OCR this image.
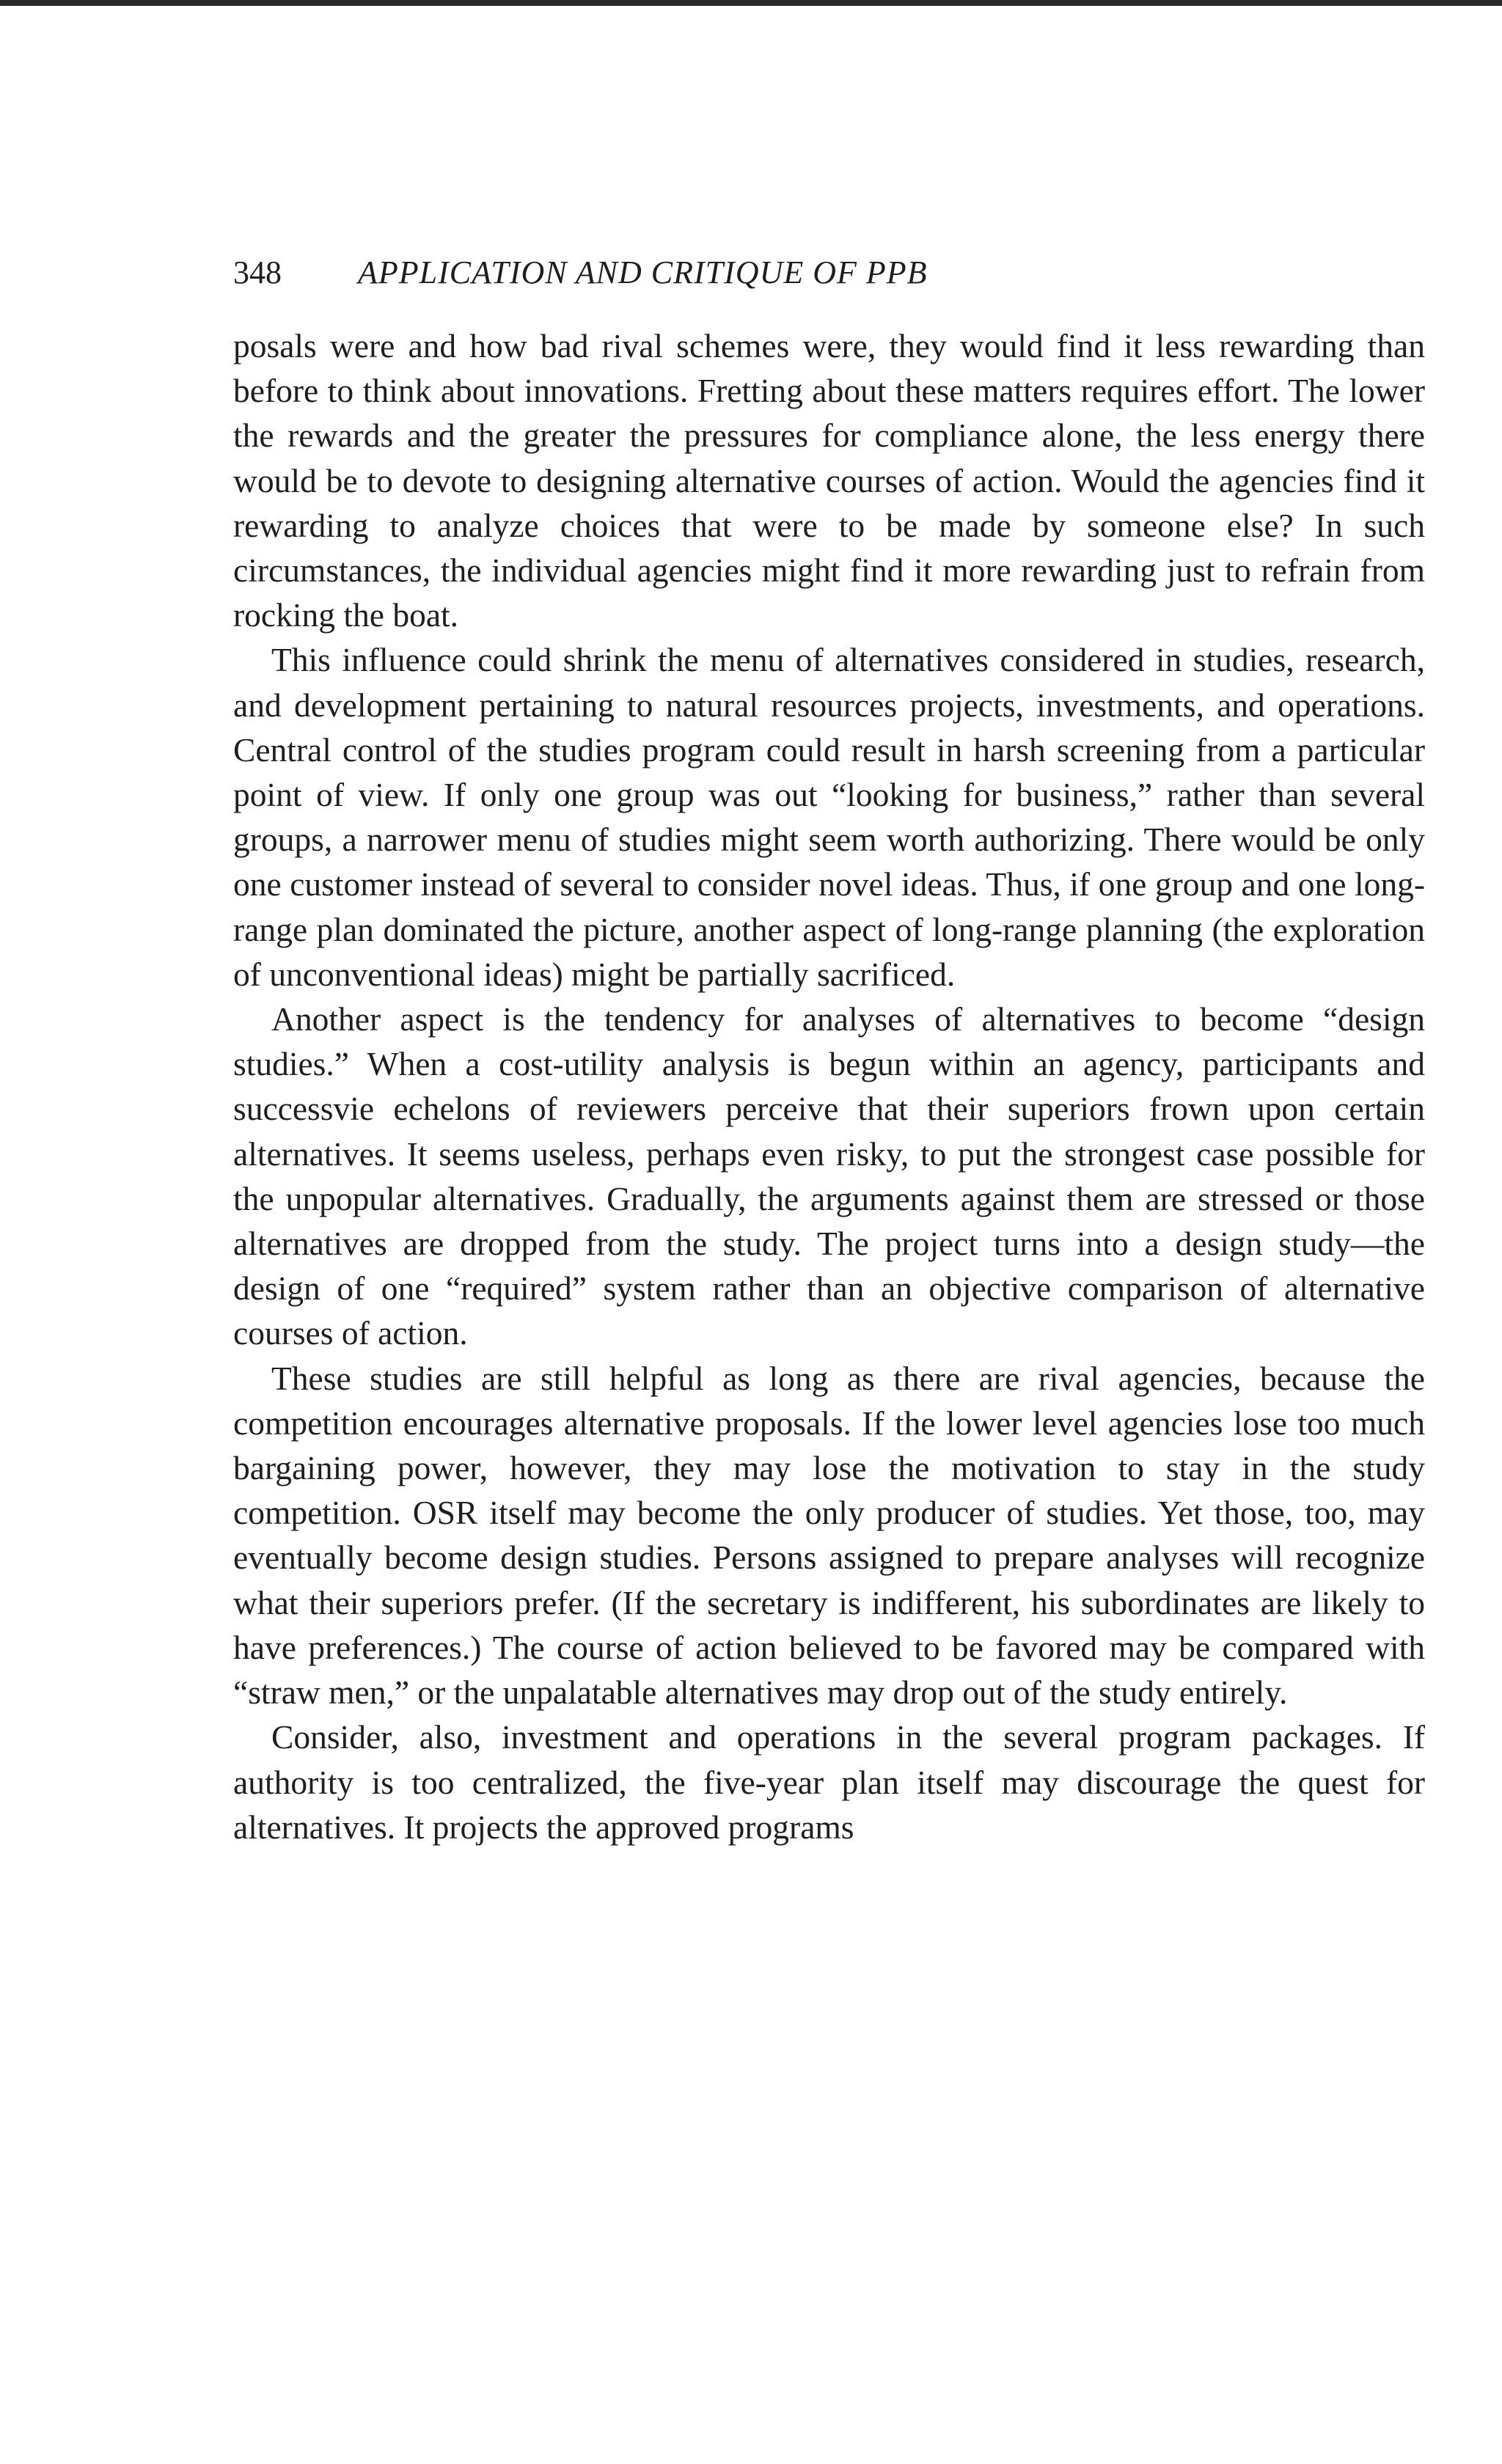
348 APPLICATION AND CRITIQUE OF PPB

posals were and how bad rival schemes were, they would find it less rewarding than before to think about innovations. Fretting about these matters requires effort. The lower the rewards and the greater the pressures for compliance alone, the less energy there would be to devote to designing alternative courses of action. Would the agencies find it rewarding to analyze choices that were to be made by someone else? In such circumstances, the individual agencies might find it more rewarding just to refrain from rocking the boat.

This influence could shrink the menu of alternatives considered in studies, research, and development pertaining to natural resources projects, investments, and operations. Central control of the studies program could result in harsh screening from a particular point of view. If only one group was out “looking for business,” rather than several groups, a narrower menu of studies might seem worth authorizing. There would be only one customer instead of several to consider novel ideas. Thus, if one group and one long-range plan dominated the picture, another aspect of long-range planning (the exploration of unconventional ideas) might be partially sacrificed.

Another aspect is the tendency for analyses of alternatives to become “design studies.” When a cost-utility analysis is begun within an agency, participants and successvie echelons of reviewers perceive that their superiors frown upon certain alternatives. It seems useless, perhaps even risky, to put the strongest case possible for the unpopular alternatives. Gradually, the arguments against them are stressed or those alternatives are dropped from the study. The project turns into a design study—the design of one “required” system rather than an objective comparison of alternative courses of action.

These studies are still helpful as long as there are rival agencies, because the competition encourages alternative proposals. If the lower level agencies lose too much bargaining power, however, they may lose the motivation to stay in the study competition. OSR itself may become the only producer of studies. Yet those, too, may eventually become design studies. Persons assigned to prepare analyses will recognize what their superiors prefer. (If the secretary is indifferent, his subordinates are likely to have preferences.) The course of action believed to be favored may be compared with “straw men,” or the unpalatable alternatives may drop out of the study entirely.

Consider, also, investment and operations in the several program packages. If authority is too centralized, the five-year plan itself may discourage the quest for alternatives. It projects the approved programs
